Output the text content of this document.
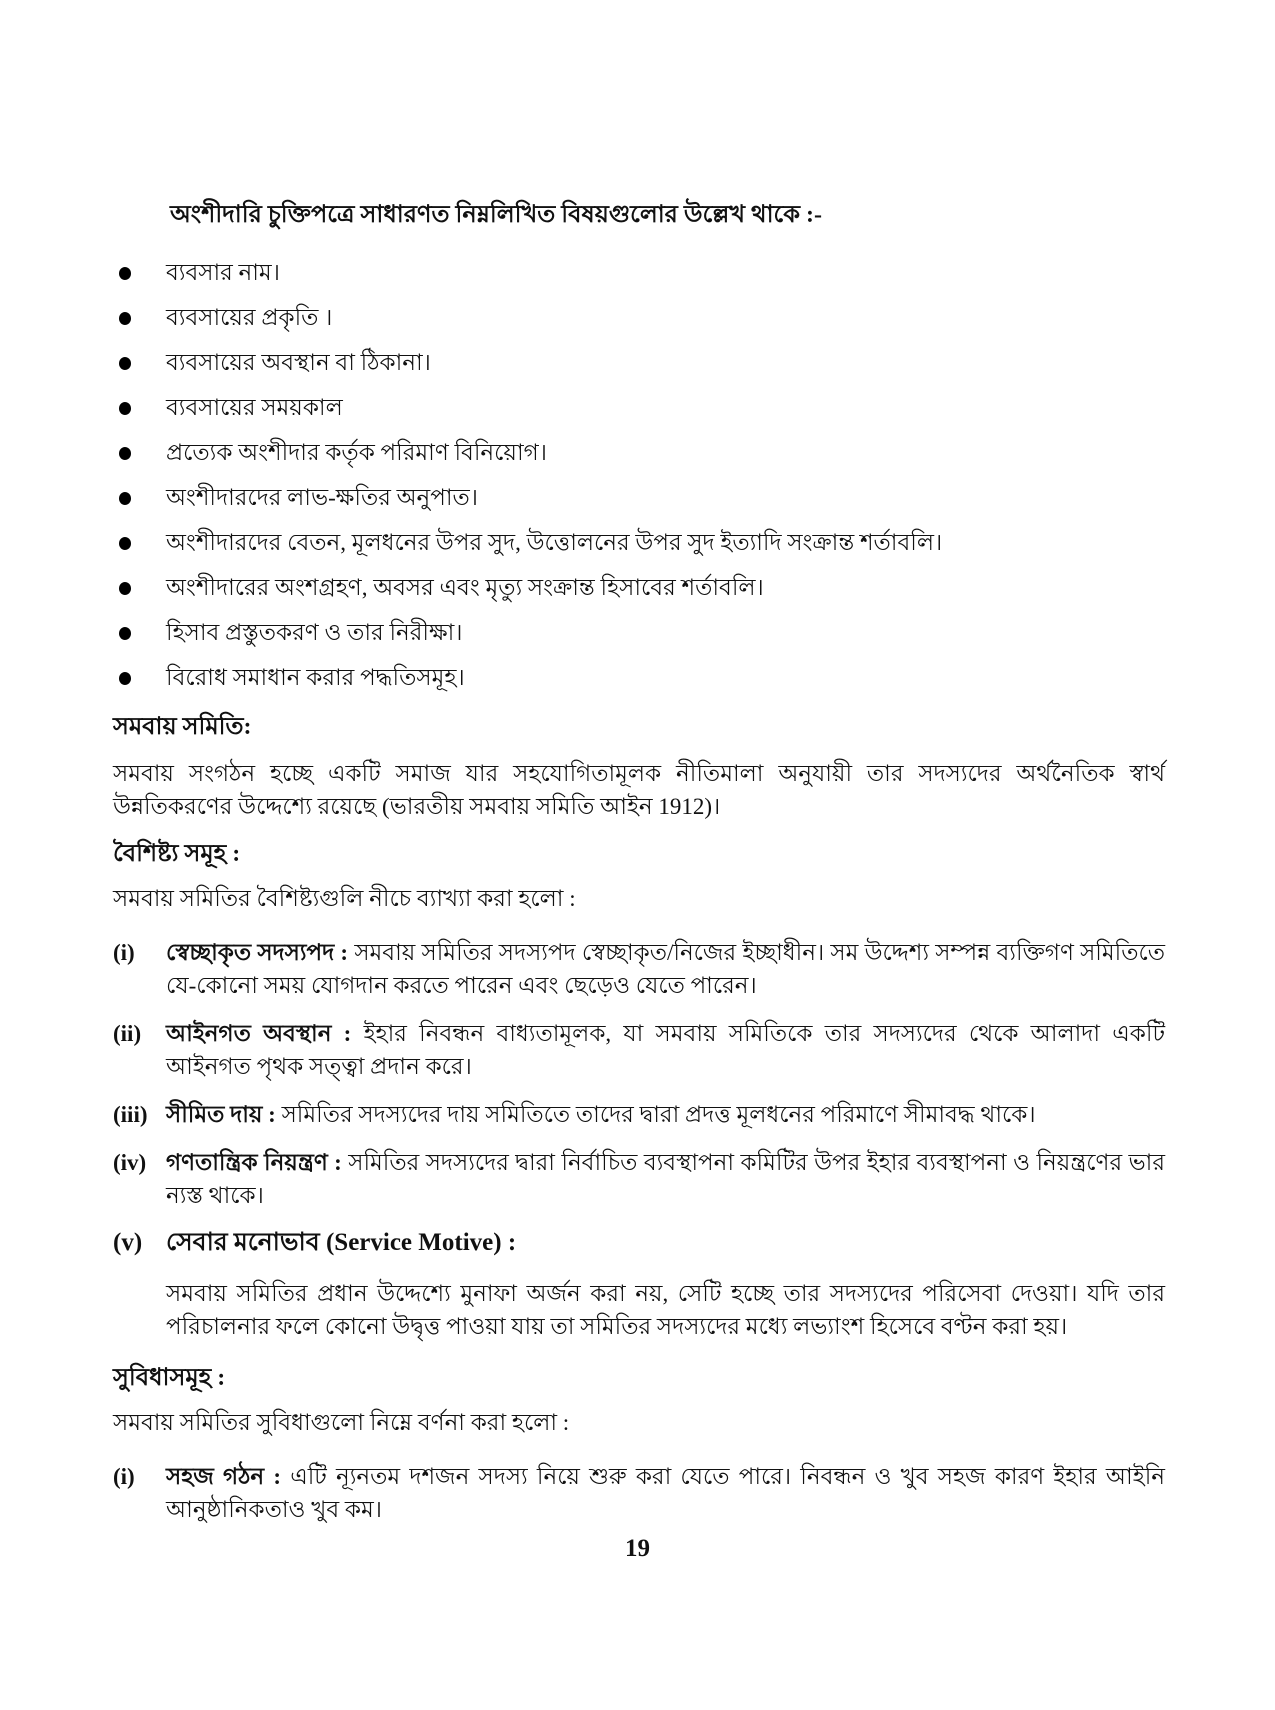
অংশীদারি চুক্তিপত্রে সাধারণত নিম্নলিখিত বিষয়গুলোর উল্লেখ থাকে :-

ব্যবসার নাম।
ব্যবসায়ের প্রকৃতি ।
ব্যবসায়ের অবস্থান বা ঠিকানা।
ব্যবসায়ের সময়কাল
প্রত্যেক অংশীদার কর্তৃক পরিমাণ বিনিয়োগ।
অংশীদারদের লাভ-ক্ষতির অনুপাত।
অংশীদারদের বেতন, মূলধনের উপর সুদ, উত্তোলনের উপর সুদ ইত্যাদি সংক্রান্ত শর্তাবলি।
অংশীদারের অংশগ্রহণ, অবসর এবং মৃত্যু সংক্রান্ত হিসাবের শর্তাবলি।
হিসাব প্রস্তুতকরণ ও তার নিরীক্ষা।
বিরোধ সমাধান করার পদ্ধতিসমূহ।
সমবায় সমিতি:

সমবায় সংগঠন হচ্ছে একটি সমাজ যার সহযোগিতামূলক নীতিমালা অনুযায়ী তার সদস্যদের অর্থনৈতিক স্বার্থ উন্নতিকরণের উদ্দেশ্যে রয়েছে (ভারতীয় সমবায় সমিতি আইন 1912)।

বৈশিষ্ট্য সমূহ :

সমবায় সমিতির বৈশিষ্ট্যগুলি নীচে ব্যাখ্যা করা হলো :

(i) স্বেচ্ছাকৃত সদস্যপদ : সমবায় সমিতির সদস্যপদ স্বেচ্ছাকৃত/নিজের ইচ্ছাধীন। সম উদ্দেশ্য সম্পন্ন ব্যক্তিগণ সমিতিতে যে-কোনো সময় যোগদান করতে পারেন এবং ছেড়েও যেতে পারেন।
(ii) আইনগত অবস্থান : ইহার নিবন্ধন বাধ্যতামূলক, যা সমবায় সমিতিকে তার সদস্যদের থেকে আলাদা একটি আইনগত পৃথক সত্ত্বা প্রদান করে।
(iii) সীমিত দায় : সমিতির সদস্যদের দায় সমিতিতে তাদের দ্বারা প্রদত্ত মূলধনের পরিমাণে সীমাবদ্ধ থাকে।
(iv) গণতান্ত্রিক নিয়ন্ত্রণ : সমিতির সদস্যদের দ্বারা নির্বাচিত ব্যবস্থাপনা কমিটির উপর ইহার ব্যবস্থাপনা ও নিয়ন্ত্রণের ভার ন্যস্ত থাকে।
(v) সেবার মনোভাব (Service Motive) :

সমবায় সমিতির প্রধান উদ্দেশ্যে মুনাফা অর্জন করা নয়, সেটি হচ্ছে তার সদস্যদের পরিসেবা দেওয়া। যদি তার পরিচালনার ফলে কোনো উদ্বৃত্ত পাওয়া যায় তা সমিতির সদস্যদের মধ্যে লভ্যাংশ হিসেবে বণ্টন করা হয়।

সুবিধাসমূহ :

সমবায় সমিতির সুবিধাগুলো নিম্নে বর্ণনা করা হলো :

(i) সহজ গঠন : এটি ন্যূনতম দশজন সদস্য নিয়ে শুরু করা যেতে পারে। নিবন্ধন ও খুব সহজ কারণ ইহার আইনি আনুষ্ঠানিকতাও খুব কম।
19
